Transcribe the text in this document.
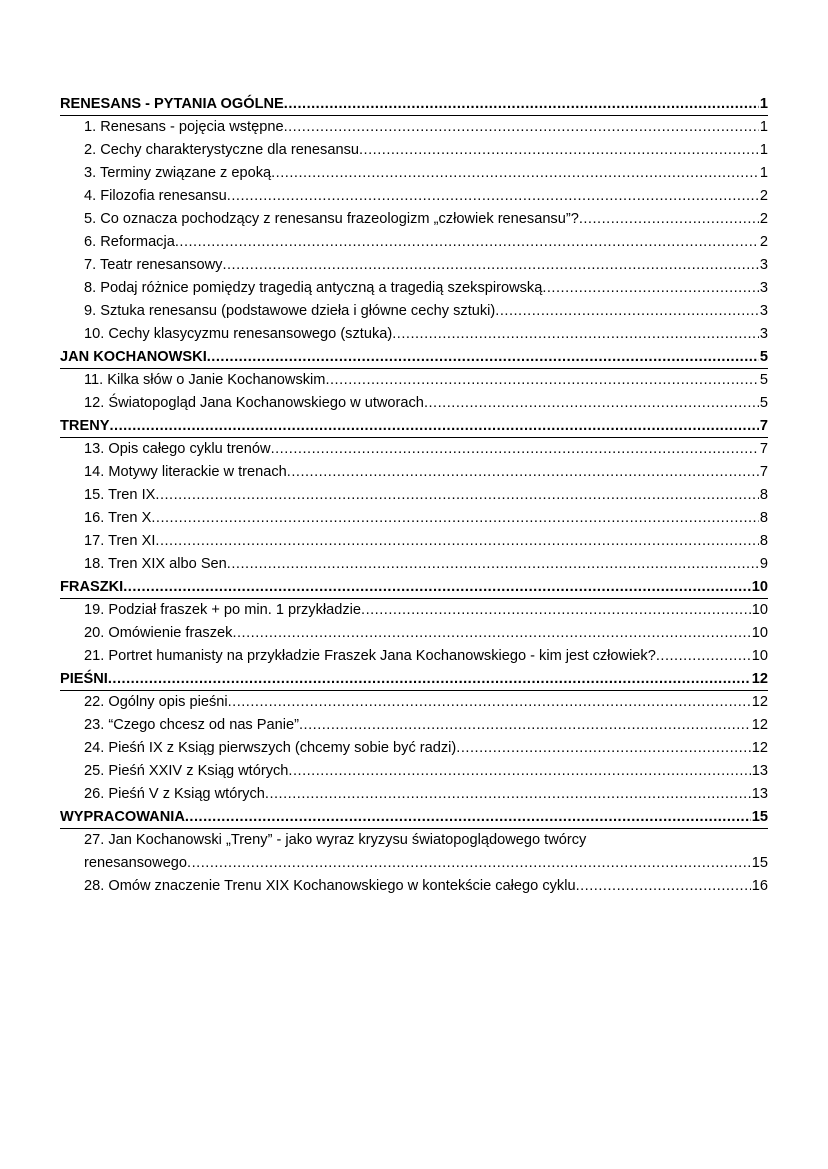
RENESANS - PYTANIA OGÓLNE .....	1
1. Renesans - pojęcia wstępne .....	1
2. Cechy charakterystyczne dla renesansu .....	1
3. Terminy związane z epoką .....	1
4. Filozofia renesansu .....	2
5. Co oznacza pochodzący z renesansu frazeologizm „człowiek renesansu”? .....	2
6. Reformacja .....	2
7. Teatr renesansowy .....	3
8. Podaj różnice pomiędzy tragedią antyczną a tragedią szekspirowską .....	3
9. Sztuka renesansu (podstawowe dzieła i główne cechy sztuki) .....	3
10. Cechy klasycyzmu renesansowego (sztuka) .....	3
JAN KOCHANOWSKI .....	5
11. Kilka słów o Janie Kochanowskim .....	5
12. Światopogląd Jana Kochanowskiego w utworach .....	5
TRENY .....	7
13. Opis całego cyklu trenów .....	7
14. Motywy literackie w trenach .....	7
15. Tren IX .....	8
16. Tren X .....	8
17. Tren XI .....	8
18. Tren XIX albo Sen .....	9
FRASZKI .....	10
19. Podział fraszek + po min. 1 przykładzie .....	10
20. Omówienie fraszek .....	10
21. Portret humanisty na przykładzie Fraszek Jana Kochanowskiego - kim jest człowiek? .....	10
PIEŚNI .....	12
22. Ogólny opis pieśni .....	12
23. “Czego chcesz od nas Panie” .....	12
24. Pieśń IX z Ksiąg pierwszych (chcemy sobie być radzi) .....	12
25. Pieśń XXIV z Ksiąg wtórych .....	13
26. Pieśń V z Ksiąg wtórych .....	13
WYPRACOWANIA .....	15
27. Jan Kochanowski „Treny” - jako wyraz kryzysu światopoglądowego twórcy
renesansowego .....	15
28. Omów znaczenie Trenu XIX Kochanowskiego w kontekście całego cyklu .....	16
